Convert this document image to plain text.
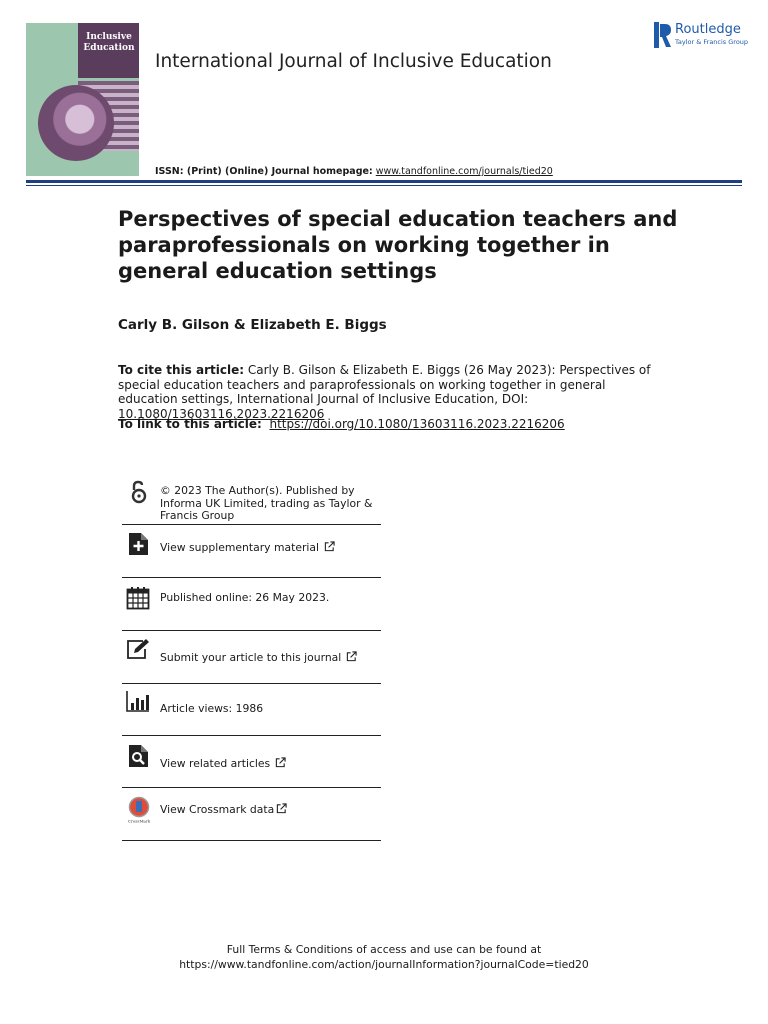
Inclusive
Education
International Journal of Inclusive Education
Routledge
Taylor & Francis Group
ISSN: (Print) (Online) Journal homepage: www.tandfonline.com/journals/tied20
Perspectives of special education teachers and paraprofessionals on working together in general education settings
Carly B. Gilson & Elizabeth E. Biggs
To cite this article: Carly B. Gilson & Elizabeth E. Biggs (26 May 2023): Perspectives of special education teachers and paraprofessionals on working together in general education settings, International Journal of Inclusive Education, DOI: 10.1080/13603116.2023.2216206
To link to this article: https://doi.org/10.1080/13603116.2023.2216206
© 2023 The Author(s). Published by Informa UK Limited, trading as Taylor & Francis Group
View supplementary material
Published online: 26 May 2023.
Submit your article to this journal
Article views: 1986
View related articles
CrossMark
View Crossmark data
Full Terms & Conditions of access and use can be found at
https://www.tandfonline.com/action/journalInformation?journalCode=tied20
